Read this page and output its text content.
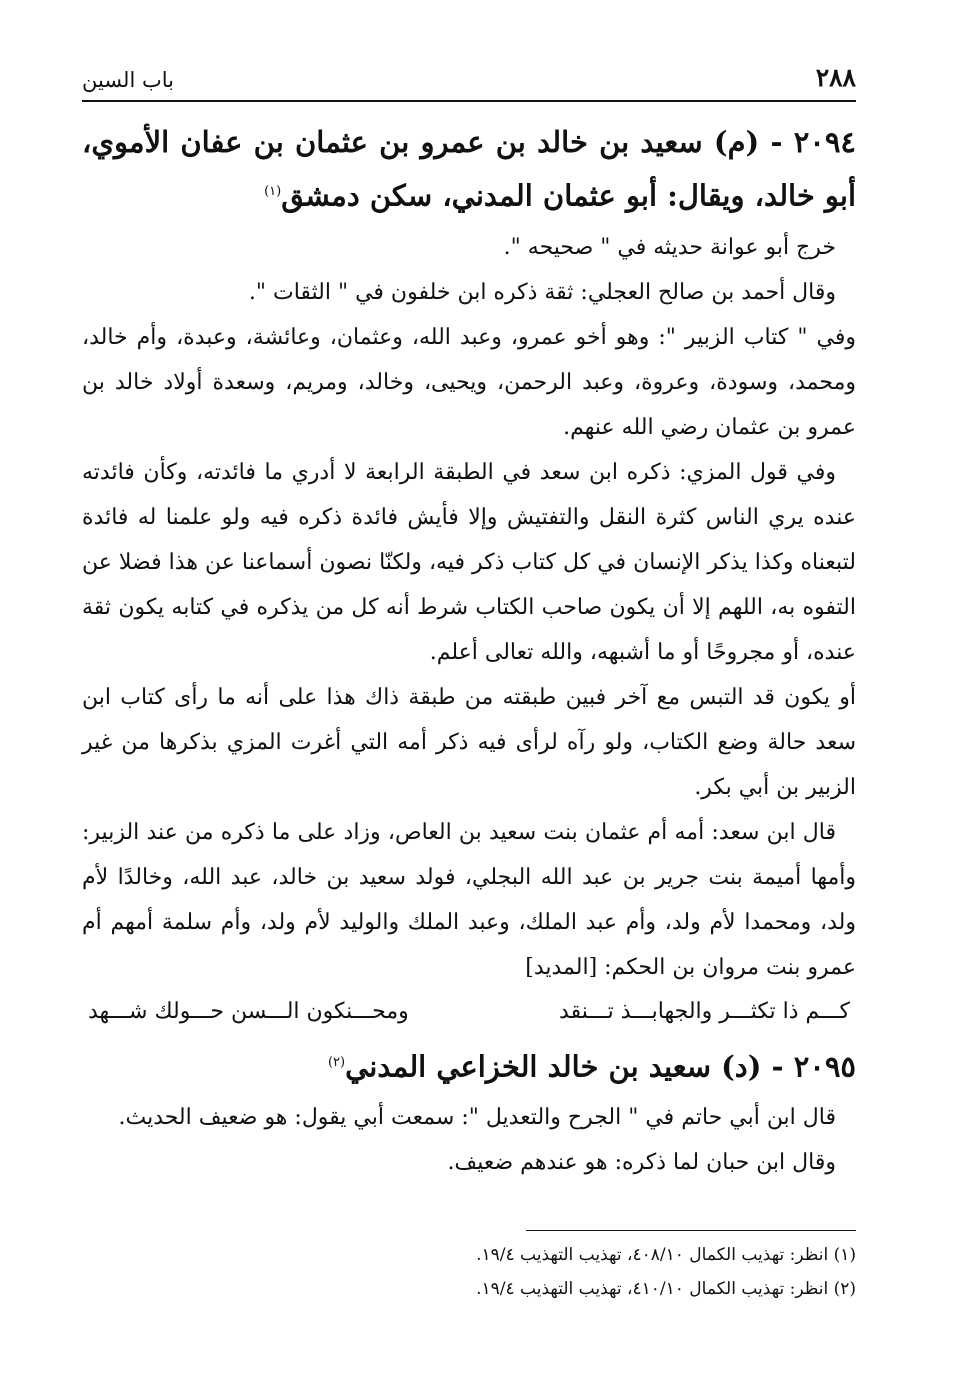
٢٨٨
باب السين

٢٠٩٤ - (م) سعيد بن خالد بن عمرو بن عثمان بن عفان الأموي، أبو خالد، ويقال: أبو عثمان المدني، سكن دمشق$^{(١)}$

خرج أبو عوانة حديثه في " صحيحه ".

وقال أحمد بن صالح العجلي: ثقة ذكره ابن خلفون في " الثقات ".

وفي " كتاب الزبير ": وهو أخو عمرو، وعبد الله، وعثمان، وعائشة، وعبدة، وأم خالد، ومحمد، وسودة، وعروة، وعبد الرحمن، ويحيى، وخالد، ومريم، وسعدة أولاد خالد بن عمرو بن عثمان رضي الله عنهم.

وفي قول المزي: ذكره ابن سعد في الطبقة الرابعة لا أدري ما فائدته، وكأن فائدته عنده يري الناس كثرة النقل والتفتيش وإلا فأيش فائدة ذكره فيه ولو علمنا له فائدة لتبعناه وكذا يذكر الإنسان في كل كتاب ذكر فيه، ولكنّا نصون أسماعنا عن هذا فضلا عن التفوه به، اللهم إلا أن يكون صاحب الكتاب شرط أنه كل من يذكره في كتابه يكون ثقة عنده، أو مجروحًا أو ما أشبهه، والله تعالى أعلم.

أو يكون قد التبس مع آخر فبين طبقته من طبقة ذاك هذا على أنه ما رأى كتاب ابن سعد حالة وضع الكتاب، ولو رآه لرأى فيه ذكر أمه التي أغرت المزي بذكرها من غير الزبير بن أبي بكر.

قال ابن سعد: أمه أم عثمان بنت سعيد بن العاص، وزاد على ما ذكره من عند الزبير: وأمها أميمة بنت جرير بن عبد الله البجلي، فولد سعيد بن خالد، عبد الله، وخالدًا لأم ولد، ومحمدا لأم ولد، وأم عبد الملك، وعبد الملك والوليد لأم ولد، وأم سلمة أمهم أم عمرو بنت مروان بن الحكم: [المديد]

كـــم ذا تكثـــر والجهابـــذ تـــنقد
ومحـــنكون الـــسن حـــولك شـــهد

٢٠٩٥ - (د) سعيد بن خالد الخزاعي المدني$^{(٢)}$

قال ابن أبي حاتم في " الجرح والتعديل ": سمعت أبي يقول: هو ضعيف الحديث.

وقال ابن حبان لما ذكره: هو عندهم ضعيف.

(١) انظر: تهذيب الكمال ٤٠٨/١٠، تهذيب التهذيب ١٩/٤.

(٢) انظر: تهذيب الكمال ٤١٠/١٠، تهذيب التهذيب ١٩/٤.
